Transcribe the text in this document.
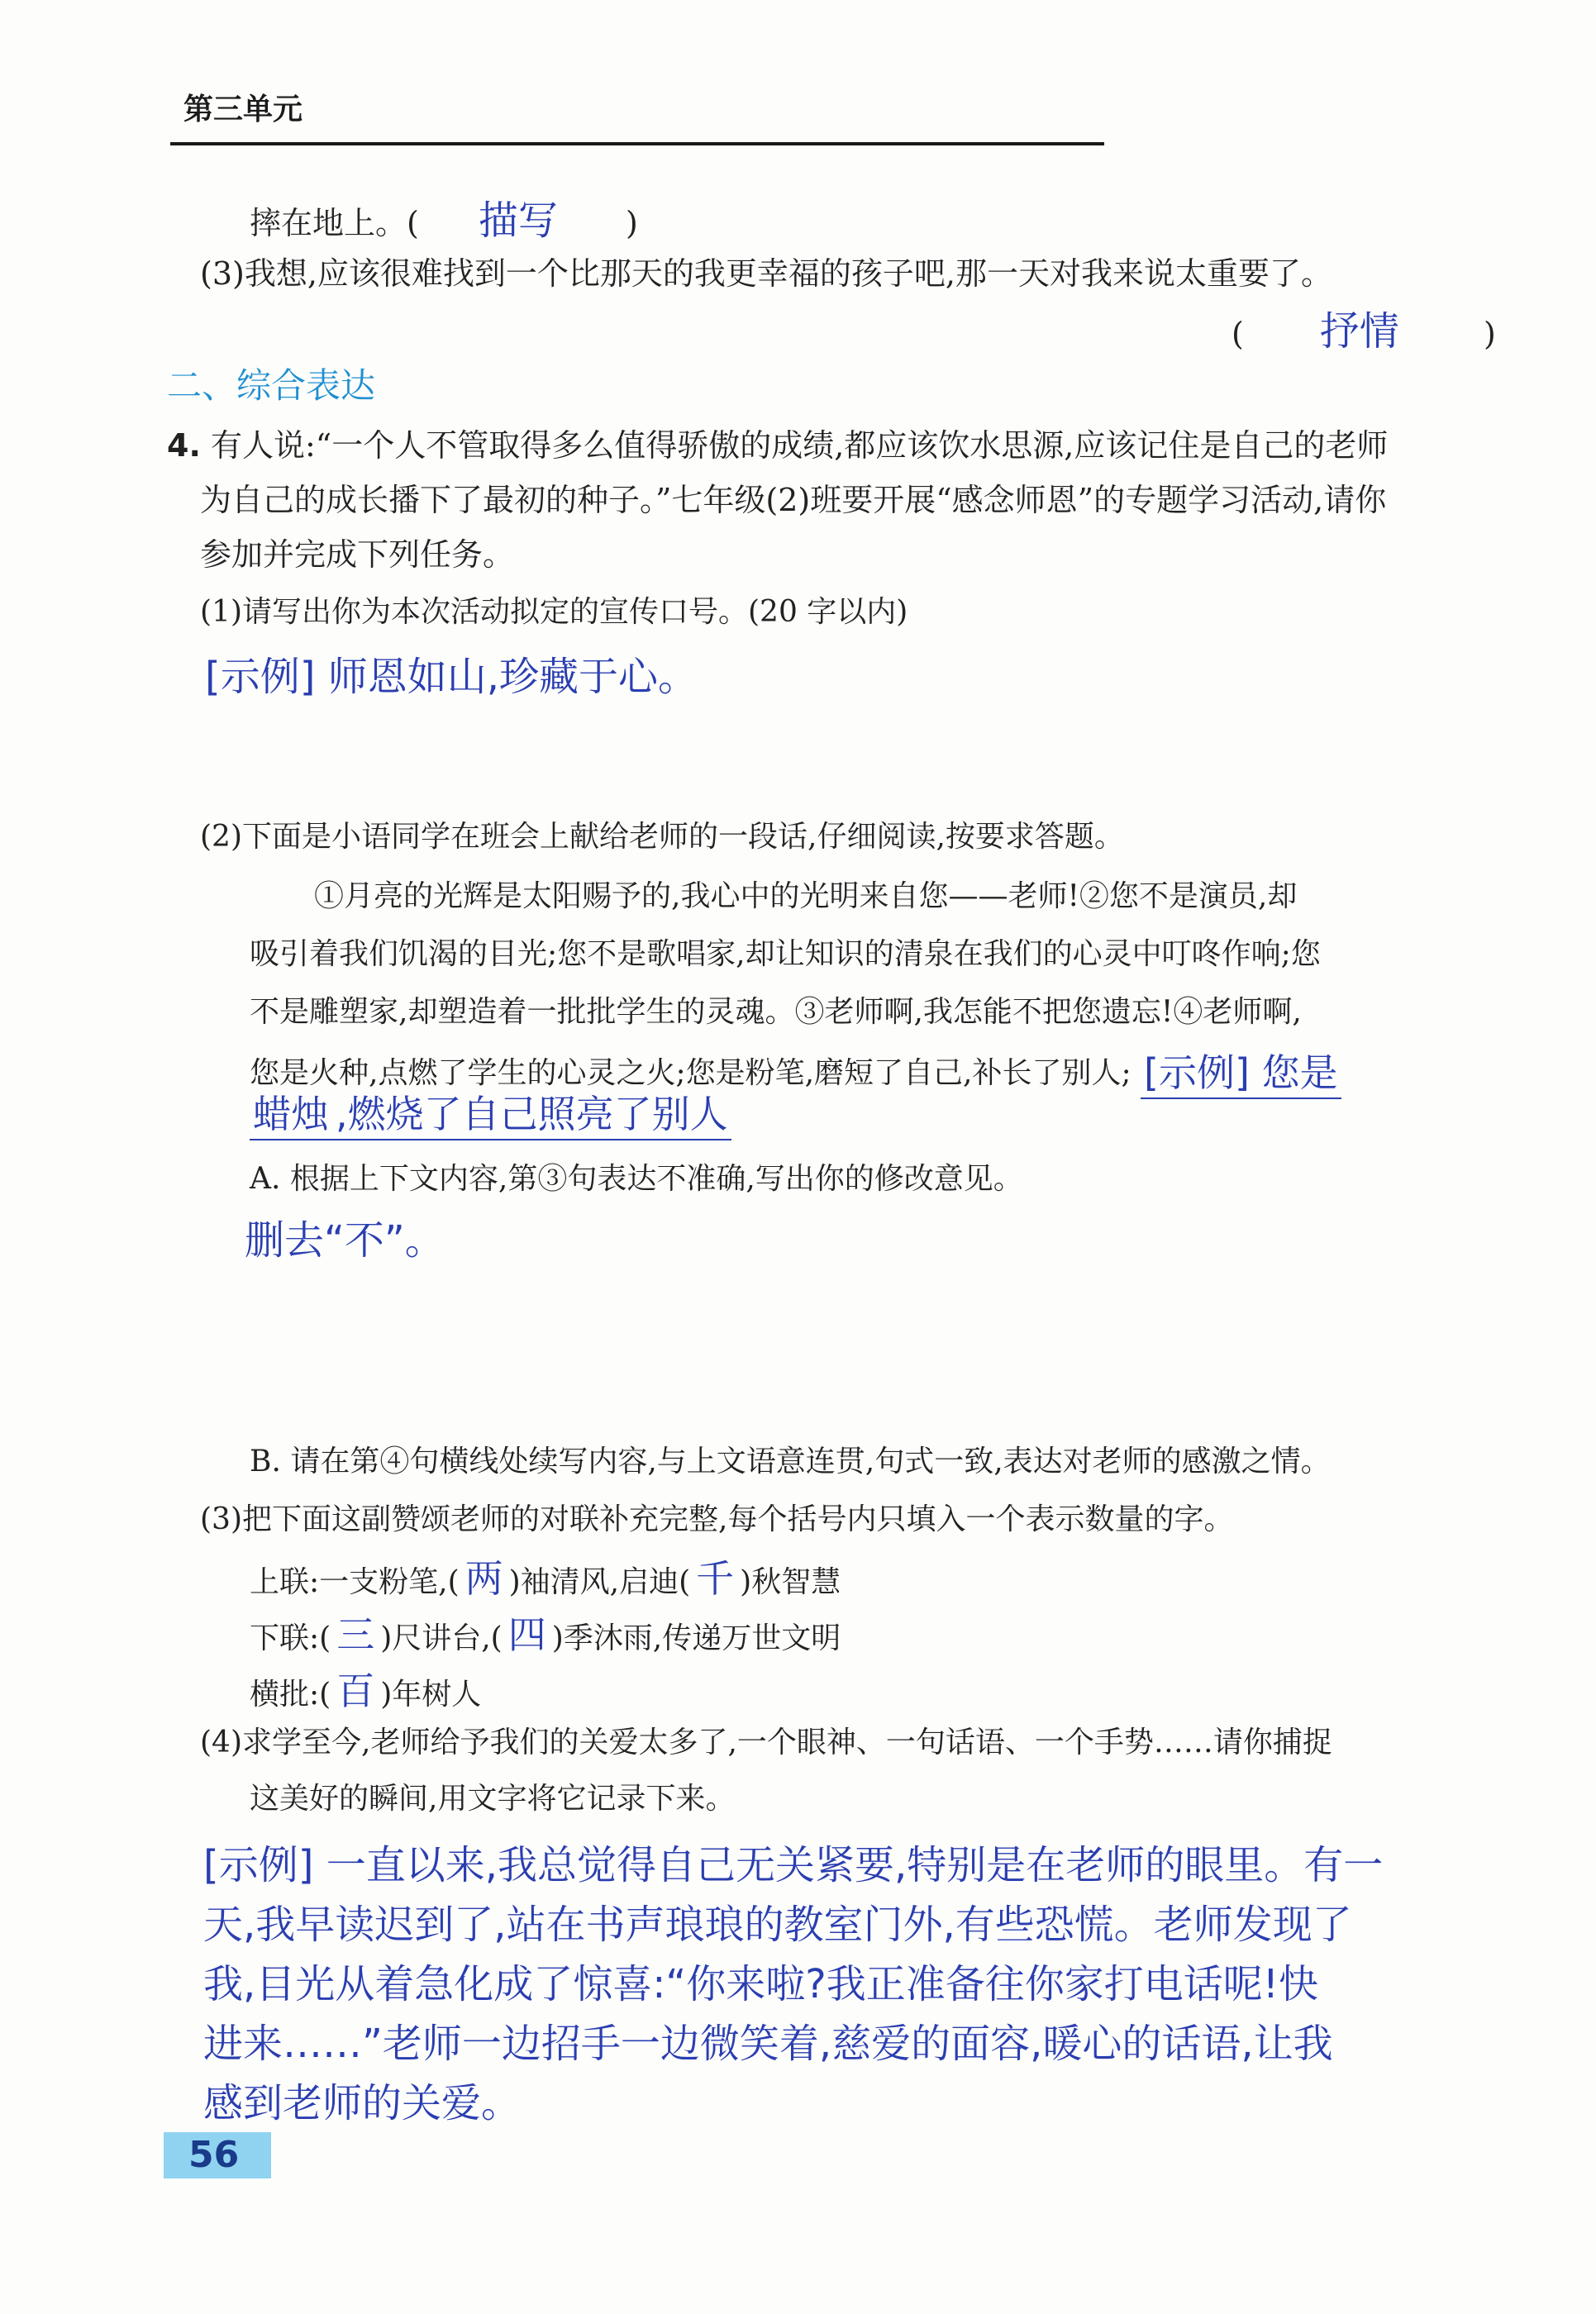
第三单元
摔在地上。( 描写 )
(3)我想,应该很难找到一个比那天的我更幸福的孩子吧,那一天对我来说太重要了。
( 抒情	)
二、综合表达
4. 有人说:“一个人不管取得多么值得骄傲的成绩,都应该饮水思源,应该记住是自己的老师
为自己的成长播下了最初的种子。”七年级(2)班要开展“感念师恩”的专题学习活动,请你
参加并完成下列任务。
(1)请写出你为本次活动拟定的宣传口号。(20 字以内)
[示例] 师恩如山,珍藏于心。
(2)下面是小语同学在班会上献给老师的一段话,仔细阅读,按要求答题。
①月亮的光辉是太阳赐予的,我心中的光明来自您——老师!②您不是演员,却
吸引着我们饥渴的目光;您不是歌唱家,却让知识的清泉在我们的心灵中叮咚作响;您
不是雕塑家,却塑造着一批批学生的灵魂。③老师啊,我怎能不把您遗忘!④老师啊,
您是火种,点燃了学生的心灵之火;您是粉笔,磨短了自己,补长了别人; [示例] 您是
蜡烛 ,燃烧了自己照亮了别人
A. 根据上下文内容,第③句表达不准确,写出你的修改意见。
删去“不”。
B. 请在第④句横线处续写内容,与上文语意连贯,句式一致,表达对老师的感激之情。
(3)把下面这副赞颂老师的对联补充完整,每个括号内只填入一个表示数量的字。
上联:一支粉笔,( 两 )袖清风,启迪( 千 )秋智慧
下联:( 三 )尺讲台,( 四 )季沐雨,传递万世文明
横批:( 百 )年树人
(4)求学至今,老师给予我们的关爱太多了,一个眼神、一句话语、一个手势……请你捕捉
这美好的瞬间,用文字将它记录下来。
[示例] 一直以来,我总觉得自己无关紧要,特别是在老师的眼里。有一
天,我早读迟到了,站在书声琅琅的教室门外,有些恐慌。老师发现了
我,目光从着急化成了惊喜:“你来啦?我正准备往你家打电话呢!快
进来……”老师一边招手一边微笑着,慈爱的面容,暖心的话语,让我
感到老师的关爱。
56
